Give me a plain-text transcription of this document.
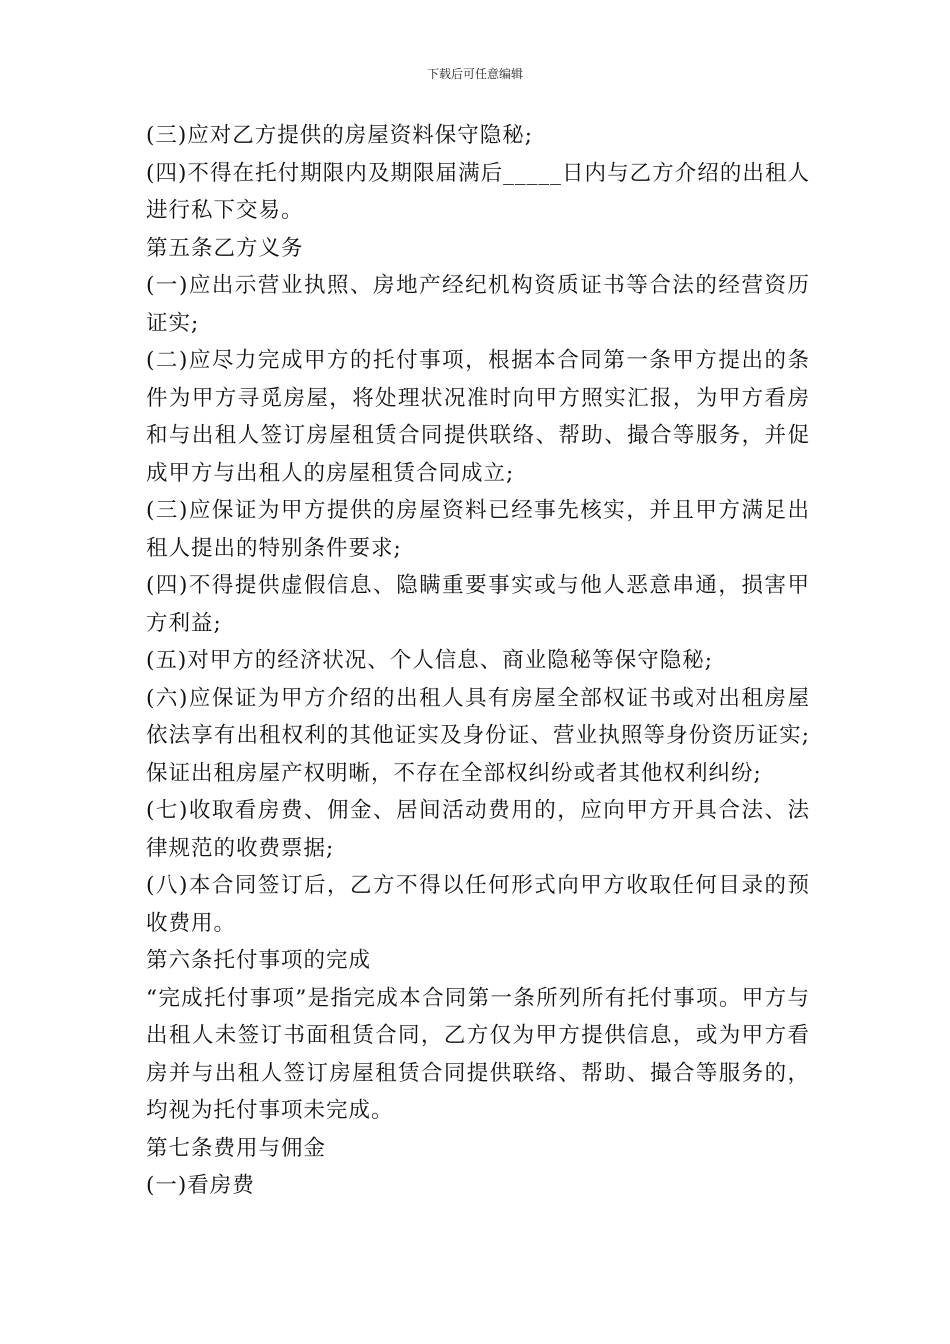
下载后可任意编辑

(三)应对乙方提供的房屋资料保守隐秘;

(四)不得在托付期限内及期限届满后_____日内与乙方介绍的出租人进行私下交易。

第五条乙方义务

(一)应出示营业执照、房地产经纪机构资质证书等合法的经营资历证实;

(二)应尽力完成甲方的托付事项，根据本合同第一条甲方提出的条件为甲方寻觅房屋，将处理状况准时向甲方照实汇报，为甲方看房和与出租人签订房屋租赁合同提供联络、帮助、撮合等服务，并促成甲方与出租人的房屋租赁合同成立;

(三)应保证为甲方提供的房屋资料已经事先核实，并且甲方满足出租人提出的特别条件要求;

(四)不得提供虚假信息、隐瞒重要事实或与他人恶意串通，损害甲方利益;

(五)对甲方的经济状况、个人信息、商业隐秘等保守隐秘;

(六)应保证为甲方介绍的出租人具有房屋全部权证书或对出租房屋依法享有出租权利的其他证实及身份证、营业执照等身份资历证实;保证出租房屋产权明晰，不存在全部权纠纷或者其他权利纠纷;

(七)收取看房费、佣金、居间活动费用的，应向甲方开具合法、法律规范的收费票据;

(八)本合同签订后，乙方不得以任何形式向甲方收取任何目录的预收费用。

第六条托付事项的完成

“完成托付事项”是指完成本合同第一条所列所有托付事项。甲方与出租人未签订书面租赁合同，乙方仅为甲方提供信息，或为甲方看房并与出租人签订房屋租赁合同提供联络、帮助、撮合等服务的，均视为托付事项未完成。

第七条费用与佣金

(一)看房费
